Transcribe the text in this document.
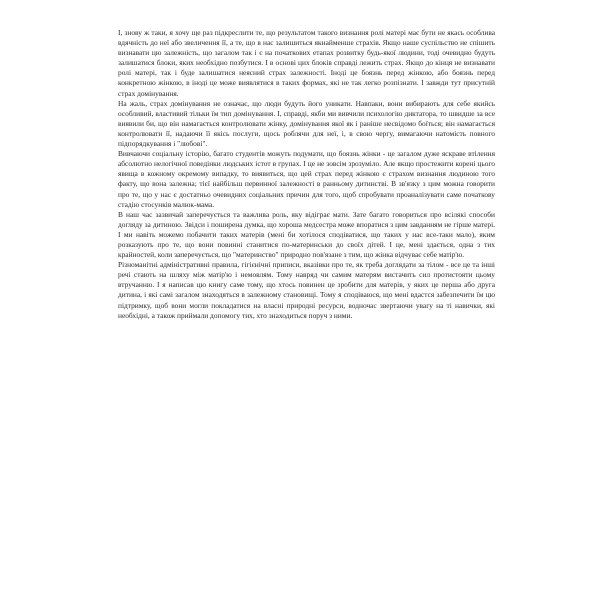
І, знову ж таки, я хочу ще раз підкреслити те, що результатом такого визнання ролі матері має бути не якась особлива вдячність до неї або звеличення її, а те, що в нас залишиться якнайменше страхів. Якщо наше суспільство не спішить визнавати цю залежність, що загалом так і є на початкових етапах розвитку будь-якої людини, тоді очевидно будуть залишатися блоки, яких необхідно позбутися. І в основі цих блоків справді лежить страх. Якщо до кінця не визнавати ролі матері, так і буде залишатися неясний страх залежності. Іноді це боязнь перед жінкою, або боязнь перед конкретною жінкою, в іноді це може виявлятися в таких формах, які не так легко розпізнати. І завжди тут присутній страх домінування.

На жаль, страх домінування не означає, що люди будуть його уникати. Навпаки, вони вибирають для себе якийсь особливий, властивий тільки їм тип домінування. І, справді, якби ми вивчили психологію диктатора, то швидше за все виявили би, що він намагається контролювати жінку, домінування якої як і раніше несвідомо боїться; він намагається контролювати її, надаючи її якісь послуги, щось роблячи для неї, і, в свою чергу, вимагаючи натомість повного підпорядкування і "любові".

Вивчаючи соціальну історію, багато студентів можуть подумати, що боязнь жінки - це загалом дуже яскраве втілення абсолютно нелогічної поведінки людських істот в групах. І це не зовсім зрозуміло. Але якщо простежити корені цього явища в кожному окремому випадку, то виявиться, що цей страх перед жінкою є страхом визнання людиною того факту, що вона залежна; тієї найбільш первинної залежності в ранньому дитинстві. В зв'язку з цим можна говорити про те, що у нас є достатньо очевидних соціальних причин для того, щоб спробувати проаналізувати саме початкову стадію стосунків малюк-мама.

В наш час зазвичай заперечується та важлива роль, яку відіграє мати. Зате багато говориться про всілякі способи догляду за дитиною. Звідси і поширена думка, що хороша медсестра може впоратися з цим завданням не гірше матері. І ми навіть можемо побачити таких матерів (мені би хотілося сподіватися, що таких у нас все-таки мало), яким розказують про те, що вони повинні станитися по-материнськи до своїх дітей. І це, мені здається, одна з тих крайностей, коли заперечується, що "материнство" природно пов'язане з тим, що жінка відчуває себе матір'ю.

Різноманітні адміністративні правила, гігієнічні приписи, вказівки про те, як треба доглядати за тілом - все це та інші речі стають на шляху між матір'ю і немовлям. Тому навряд чи самим матерям вистачить сил протистояти цьому втручанню. І я написав цю книгу саме тому, що хтось повинен це зробити для матерів, у яких це перша або друга дитина, і які самі загалом знаходяться в залежному становищі. Тому я сподіваюся, що мені вдастся забезпечити їм цю підтримку, щоб вони могли покладатися на власні природні ресурси, водночас звертаючи увагу на ті навички, які необхідні, а також приймали допомогу тих, хто знаходиться поруч з ними.
